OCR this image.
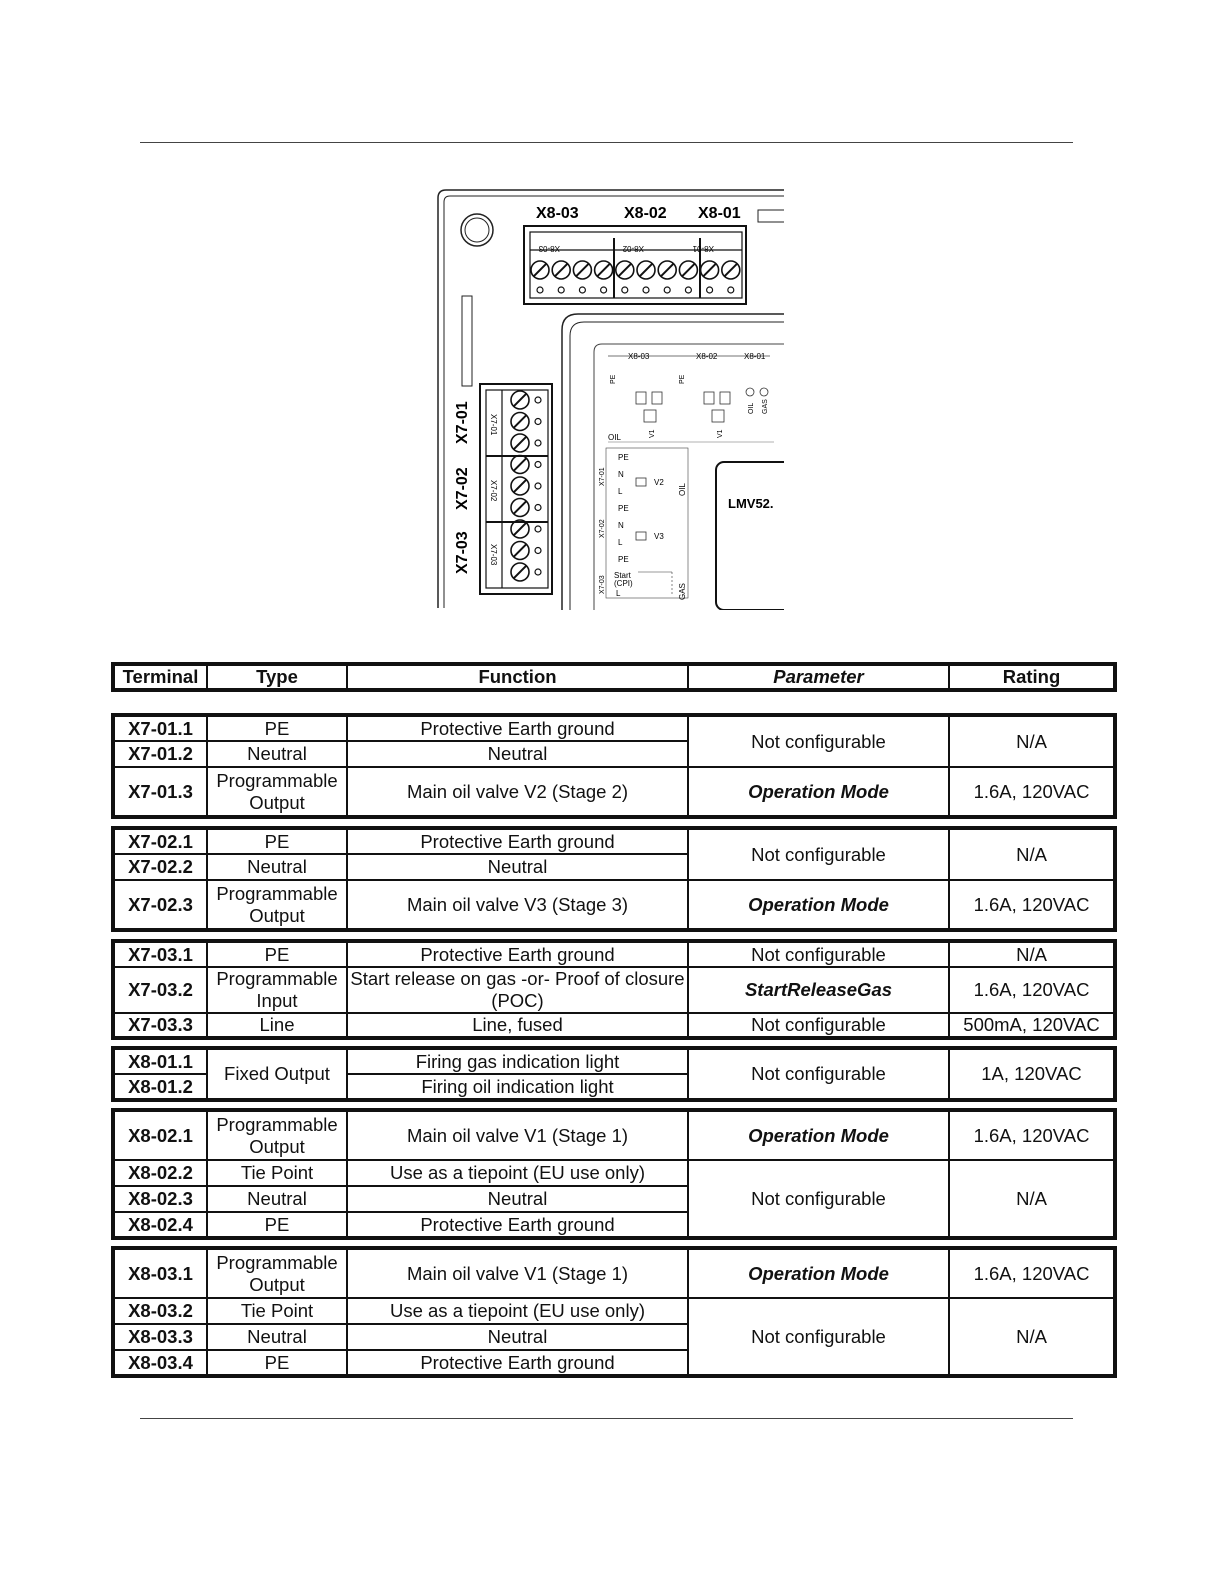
X8-03	X8-02 X8-01
X8-03	X8-02	X8-01
X7-01
X7-02
X7-03
X7-01
X7-02
X7-03
X8-03	X8-02	X8-01
PE	PE
V1	V1
OIL GAS
OIL
X7-01
X7-02
X7-03
PE
N
L
V2
PE
N
L
V3
PE
Start
(CPI)
L	GAS
OIL
LMV52.
Terminal	Type	Function	Parameter	Rating
X7-01.1	PE	Protective Earth ground	Not configurable	N/A
X7-01.2	Neutral	Neutral		
X7-01.3	Programmable Output	Main oil valve V2 (Stage 2)	Operation Mode	1.6A, 120VAC
X7-02.1	PE	Protective Earth ground	Not configurable	N/A
X7-02.2	Neutral	Neutral		
X7-02.3	Programmable Output	Main oil valve V3 (Stage 3)	Operation Mode	1.6A, 120VAC
X7-03.1	PE	Protective Earth ground	Not configurable	N/A
X7-03.2	Programmable Input	Start release on gas -or- Proof of closure (POC)	StartReleaseGas	1.6A, 120VAC
X7-03.3	Line	Line, fused	Not configurable	500mA, 120VAC
X8-01.1	Fixed Output	Firing gas indication light	Not configurable	1A, 120VAC
X8-01.2		Firing oil indication light		
X8-02.1	Programmable Output	Main oil valve V1 (Stage 1)	Operation Mode	1.6A, 120VAC
X8-02.2	Tie Point	Use as a tiepoint (EU use only)	Not configurable	N/A
X8-02.3	Neutral	Neutral		
X8-02.4	PE	Protective Earth ground		
X8-03.1	Programmable Output	Main oil valve V1 (Stage 1)	Operation Mode	1.6A, 120VAC
X8-03.2	Tie Point	Use as a tiepoint (EU use only)	Not configurable	N/A
X8-03.3	Neutral	Neutral		
X8-03.4	PE	Protective Earth ground		
